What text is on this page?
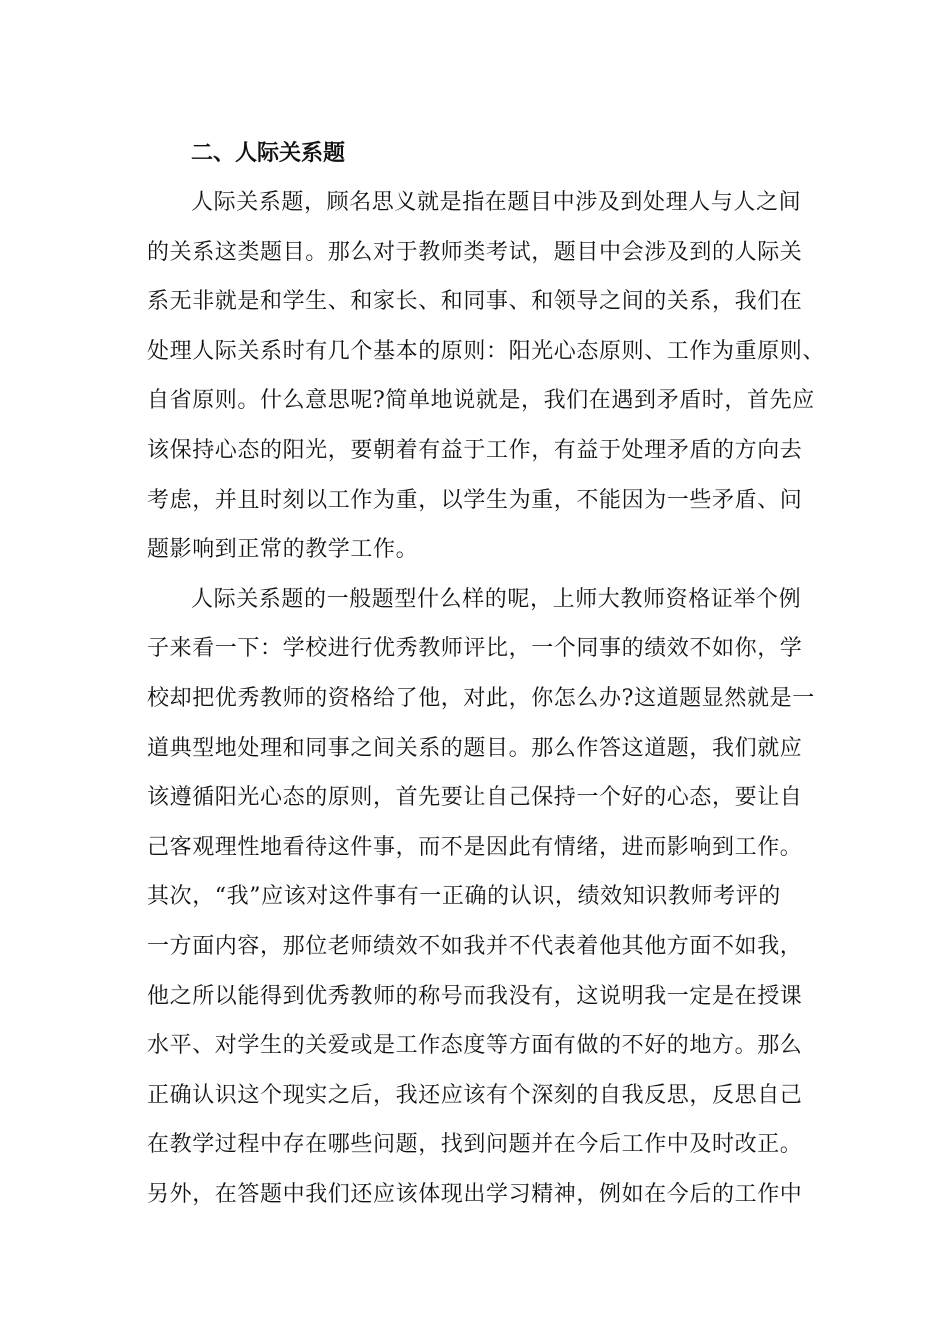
二、人际关系题
人际关系题，顾名思义就是指在题目中涉及到处理人与人之间
的关系这类题目。那么对于教师类考试，题目中会涉及到的人际关
系无非就是和学生、和家长、和同事、和领导之间的关系，我们在
处理人际关系时有几个基本的原则：阳光心态原则、工作为重原则、
自省原则。什么意思呢?简单地说就是，我们在遇到矛盾时，首先应
该保持心态的阳光，要朝着有益于工作，有益于处理矛盾的方向去
考虑，并且时刻以工作为重，以学生为重，不能因为一些矛盾、问
题影响到正常的教学工作。
人际关系题的一般题型什么样的呢，上师大教师资格证举个例
子来看一下：学校进行优秀教师评比，一个同事的绩效不如你，学
校却把优秀教师的资格给了他，对此，你怎么办?这道题显然就是一
道典型地处理和同事之间关系的题目。那么作答这道题，我们就应
该遵循阳光心态的原则，首先要让自己保持一个好的心态，要让自
己客观理性地看待这件事，而不是因此有情绪，进而影响到工作。
其次，“我”应该对这件事有一正确的认识，绩效知识教师考评的
一方面内容，那位老师绩效不如我并不代表着他其他方面不如我，
他之所以能得到优秀教师的称号而我没有，这说明我一定是在授课
水平、对学生的关爱或是工作态度等方面有做的不好的地方。那么
正确认识这个现实之后，我还应该有个深刻的自我反思，反思自己
在教学过程中存在哪些问题，找到问题并在今后工作中及时改正。
另外，在答题中我们还应该体现出学习精神，例如在今后的工作中
